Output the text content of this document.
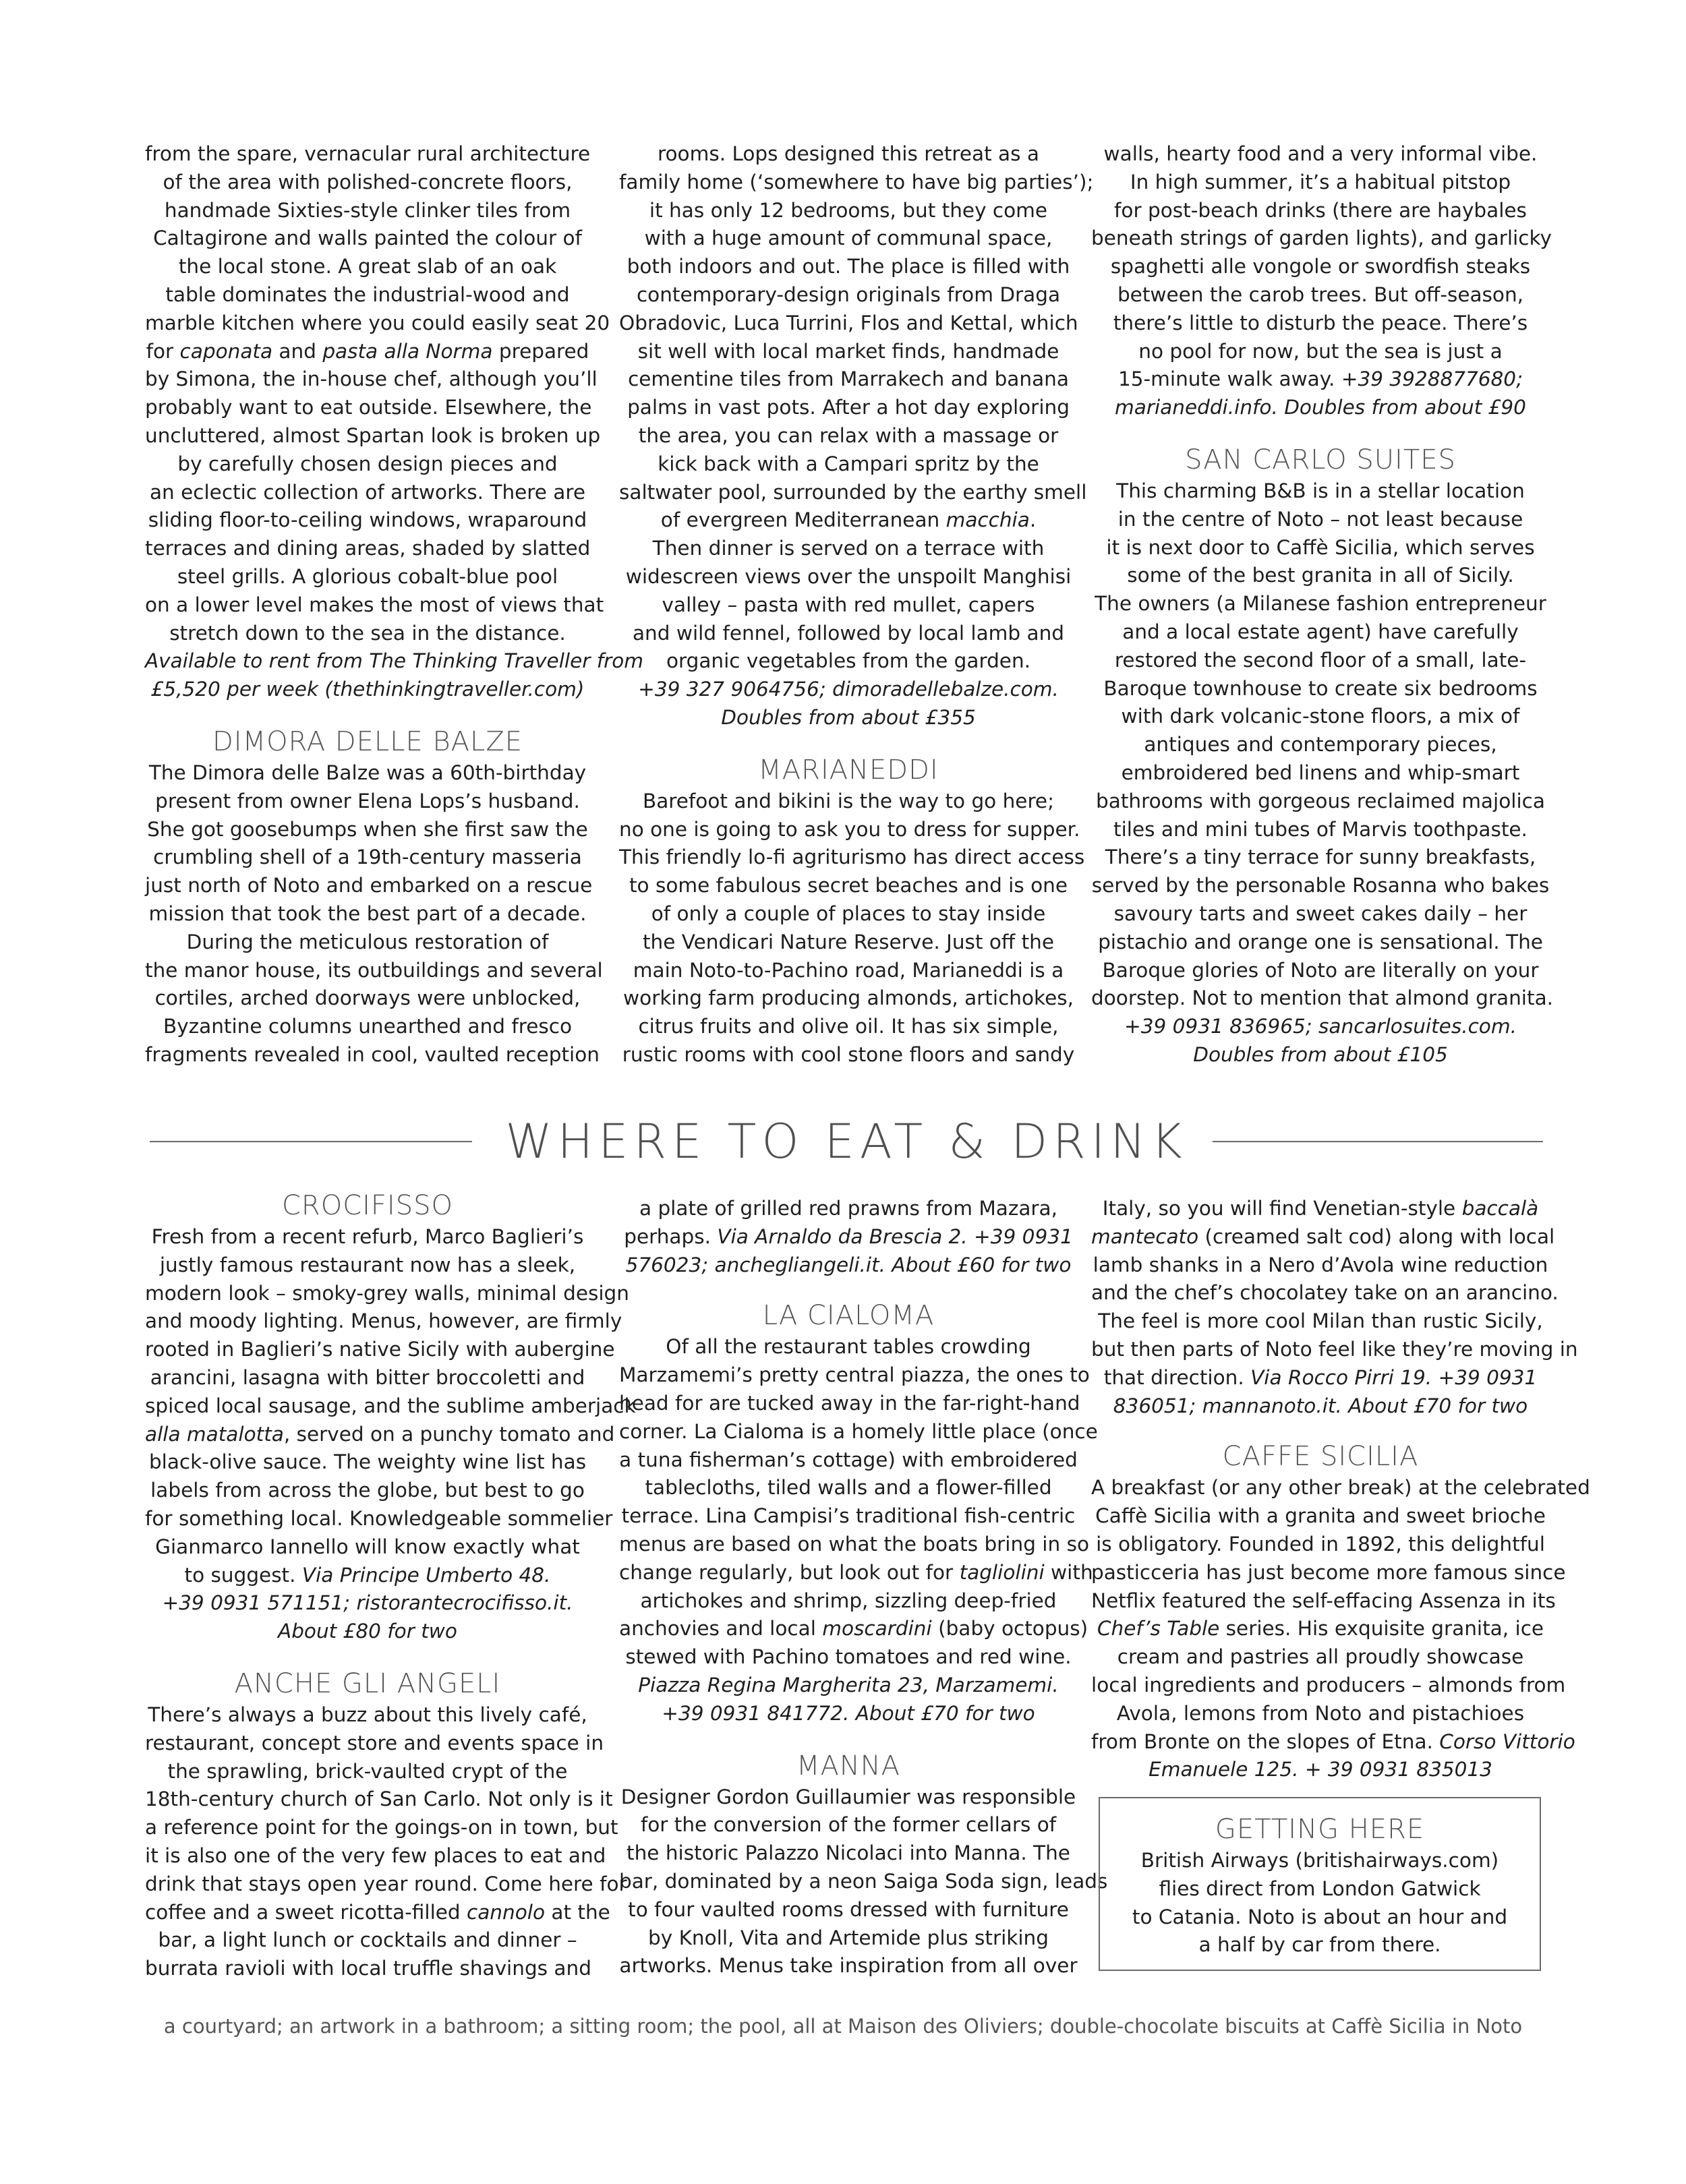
from the spare, vernacular rural architecture
of the area with polished-concrete floors,
handmade Sixties-style clinker tiles from
Caltagirone and walls painted the colour of
the local stone. A great slab of an oak
table dominates the industrial-wood and
marble kitchen where you could easily seat 20
for caponata and pasta alla Norma prepared
by Simona, the in-house chef, although you’ll
probably want to eat outside. Elsewhere, the
uncluttered, almost Spartan look is broken up
by carefully chosen design pieces and
an eclectic collection of artworks. There are
sliding floor-to-ceiling windows, wraparound
terraces and dining areas, shaded by slatted
steel grills. A glorious cobalt-blue pool
on a lower level makes the most of views that
stretch down to the sea in the distance.
Available to rent from The Thinking Traveller from
£5,520 per week (thethinkingtraveller.com)

DIMORA DELLE BALZE

The Dimora delle Balze was a 60th-birthday
present from owner Elena Lops’s husband.
She got goosebumps when she first saw the
crumbling shell of a 19th-century masseria
just north of Noto and embarked on a rescue
mission that took the best part of a decade.
During the meticulous restoration of
the manor house, its outbuildings and several
cortiles, arched doorways were unblocked,
Byzantine columns unearthed and fresco
fragments revealed in cool, vaulted reception

rooms. Lops designed this retreat as a
family home (‘somewhere to have big parties’);
it has only 12 bedrooms, but they come
with a huge amount of communal space,
both indoors and out. The place is filled with
contemporary-design originals from Draga
Obradovic, Luca Turrini, Flos and Kettal, which
sit well with local market finds, handmade
cementine tiles from Marrakech and banana
palms in vast pots. After a hot day exploring
the area, you can relax with a massage or
kick back with a Campari spritz by the
saltwater pool, surrounded by the earthy smell
of evergreen Mediterranean macchia.
Then dinner is served on a terrace with
widescreen views over the unspoilt Manghisi
valley – pasta with red mullet, capers
and wild fennel, followed by local lamb and
organic vegetables from the garden.
+39 327 9064756; dimoradellebalze.com.
Doubles from about £355

MARIANEDDI

Barefoot and bikini is the way to go here;
no one is going to ask you to dress for supper.
This friendly lo-fi agriturismo has direct access
to some fabulous secret beaches and is one
of only a couple of places to stay inside
the Vendicari Nature Reserve. Just off the
main Noto-to-Pachino road, Marianeddi is a
working farm producing almonds, artichokes,
citrus fruits and olive oil. It has six simple,
rustic rooms with cool stone floors and sandy

walls, hearty food and a very informal vibe.
In high summer, it’s a habitual pitstop
for post-beach drinks (there are haybales
beneath strings of garden lights), and garlicky
spaghetti alle vongole or swordfish steaks
between the carob trees. But off-season,
there’s little to disturb the peace. There’s
no pool for now, but the sea is just a
15-minute walk away. +39 3928877680;
marianeddi.info. Doubles from about £90

SAN CARLO SUITES

This charming B&B is in a stellar location
in the centre of Noto – not least because
it is next door to Caffè Sicilia, which serves
some of the best granita in all of Sicily.
The owners (a Milanese fashion entrepreneur
and a local estate agent) have carefully
restored the second floor of a small, late-
Baroque townhouse to create six bedrooms
with dark volcanic-stone floors, a mix of
antiques and contemporary pieces,
embroidered bed linens and whip-smart
bathrooms with gorgeous reclaimed majolica
tiles and mini tubes of Marvis toothpaste.
There’s a tiny terrace for sunny breakfasts,
served by the personable Rosanna who bakes
savoury tarts and sweet cakes daily – her
pistachio and orange one is sensational. The
Baroque glories of Noto are literally on your
doorstep. Not to mention that almond granita.
+39 0931 836965; sancarlosuites.com.
Doubles from about £105

WHERE TO EAT & DRINK
CROCIFISSO

Fresh from a recent refurb, Marco Baglieri’s
justly famous restaurant now has a sleek,
modern look – smoky-grey walls, minimal design
and moody lighting. Menus, however, are firmly
rooted in Baglieri’s native Sicily with aubergine
arancini, lasagna with bitter broccoletti and
spiced local sausage, and the sublime amberjack
alla matalotta, served on a punchy tomato and
black-olive sauce. The weighty wine list has
labels from across the globe, but best to go
for something local. Knowledgeable sommelier
Gianmarco Iannello will know exactly what
to suggest. Via Principe Umberto 48.
+39 0931 571151; ristorantecrocifisso.it.
About £80 for two

ANCHE GLI ANGELI

There’s always a buzz about this lively café,
restaurant, concept store and events space in
the sprawling, brick-vaulted crypt of the
18th-century church of San Carlo. Not only is it
a reference point for the goings-on in town, but
it is also one of the very few places to eat and
drink that stays open year round. Come here for
coffee and a sweet ricotta-filled cannolo at the
bar, a light lunch or cocktails and dinner –
burrata ravioli with local truffle shavings and

a plate of grilled red prawns from Mazara,
perhaps. Via Arnaldo da Brescia 2. +39 0931
576023; anchegliangeli.it. About £60 for two

LA CIALOMA

Of all the restaurant tables crowding
Marzamemi’s pretty central piazza, the ones to
head for are tucked away in the far-right-hand
corner. La Cialoma is a homely little place (once
a tuna fisherman’s cottage) with embroidered
tablecloths, tiled walls and a flower-filled
terrace. Lina Campisi’s traditional fish-centric
menus are based on what the boats bring in so
change regularly, but look out for tagliolini with
artichokes and shrimp, sizzling deep-fried
anchovies and local moscardini (baby octopus)
stewed with Pachino tomatoes and red wine.
Piazza Regina Margherita 23, Marzamemi.
+39 0931 841772. About £70 for two

MANNA

Designer Gordon Guillaumier was responsible
for the conversion of the former cellars of
the historic Palazzo Nicolaci into Manna. The
bar, dominated by a neon Saiga Soda sign, leads
to four vaulted rooms dressed with furniture
by Knoll, Vita and Artemide plus striking
artworks. Menus take inspiration from all over

Italy, so you will find Venetian-style baccalà
mantecato (creamed salt cod) along with local
lamb shanks in a Nero d’Avola wine reduction
and the chef’s chocolatey take on an arancino.
The feel is more cool Milan than rustic Sicily,
but then parts of Noto feel like they’re moving in
that direction. Via Rocco Pirri 19. +39 0931
836051; mannanoto.it. About £70 for two

CAFFE SICILIA

A breakfast (or any other break) at the celebrated
Caffè Sicilia with a granita and sweet brioche
is obligatory. Founded in 1892, this delightful
pasticceria has just become more famous since
Netflix featured the self-effacing Assenza in its
Chef’s Table series. His exquisite granita, ice
cream and pastries all proudly showcase
local ingredients and producers – almonds from
Avola, lemons from Noto and pistachioes
from Bronte on the slopes of Etna. Corso Vittorio
Emanuele 125. + 39 0931 835013

GETTING HERE

British Airways (britishairways.com)
flies direct from London Gatwick
to Catania. Noto is about an hour and
a half by car from there.

a courtyard; an artwork in a bathroom; a sitting room; the pool, all at Maison des Oliviers; double-chocolate biscuits at Caffè Sicilia in Noto
